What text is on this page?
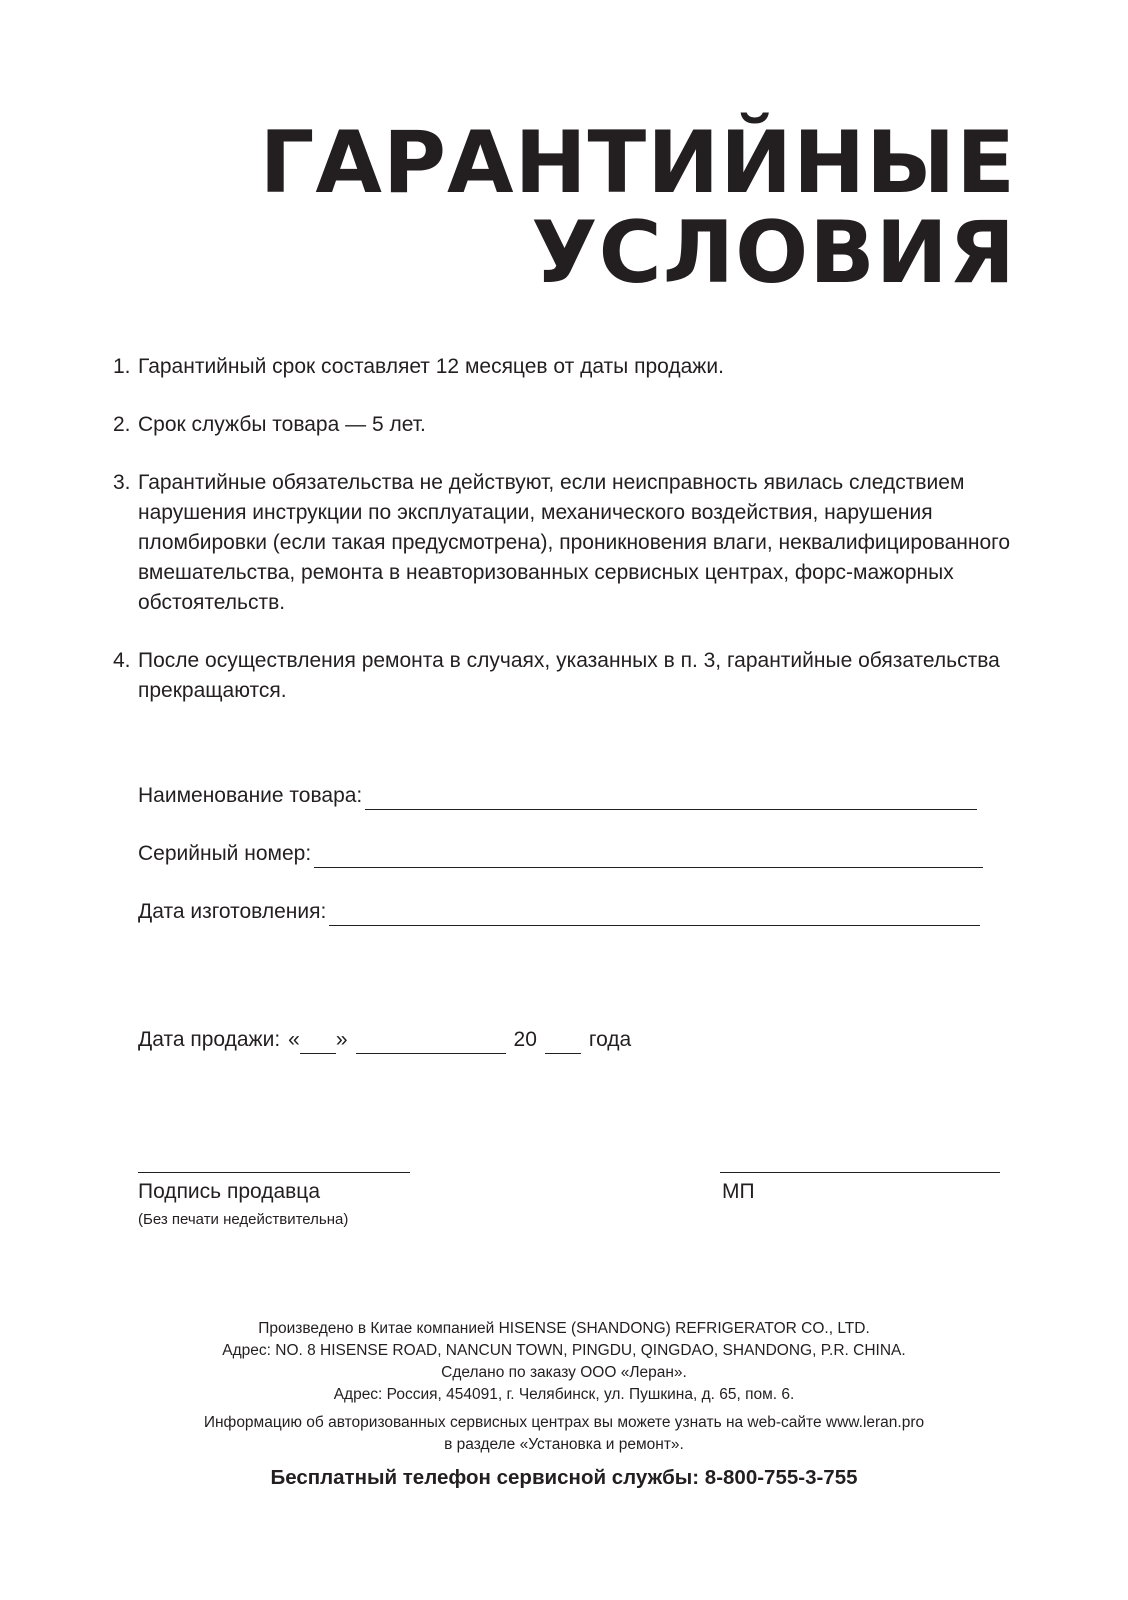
ГАРАНТИЙНЫЕ
УСЛОВИЯ
1. Гарантийный срок составляет 12 месяцев от даты продажи.
2. Срок службы товара — 5 лет.
3. Гарантийные обязательства не действуют, если неисправность явилась следствием нарушения инструкции по эксплуатации, механического воздействия, нарушения пломбировки (если такая предусмотрена), проникновения влаги, неквалифицированного вмешательства, ремонта в неавторизованных сервисных центрах, форс-мажорных обстоятельств.
4. После осуществления ремонта в случаях, указанных в п. 3, гарантийные обязательства прекращаются.
Наименование товара:
Серийный номер:
Дата изготовления:
Дата продажи: « »	20 года
Подпись продавца
(Без печати недействительна)
МП
Произведено в Китае компанией HISENSE (SHANDONG) REFRIGERATOR CO., LTD.
Адрес: NO. 8 HISENSE ROAD, NANCUN TOWN, PINGDU, QINGDAO, SHANDONG, P.R. CHINA.
Сделано по заказу ООО «Леран».
Адрес: Россия, 454091, г. Челябинск, ул. Пушкина, д. 65, пом. 6.
Информацию об авторизованных сервисных центрах вы можете узнать на web-сайте www.leran.pro
в разделе «Установка и ремонт».
Бесплатный телефон сервисной службы: 8-800-755-3-755
